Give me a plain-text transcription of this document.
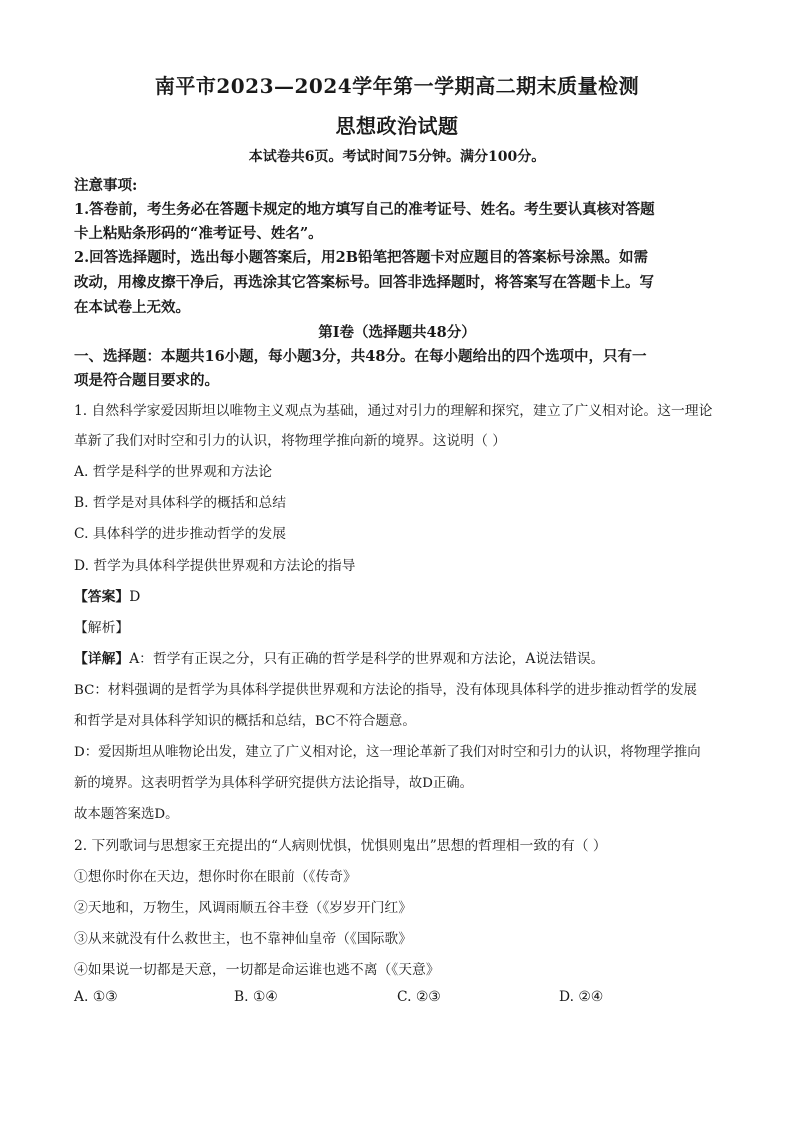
南平市2023—2024学年第一学期高二期末质量检测
思想政治试题
本试卷共6页。考试时间75分钟。满分100分。
注意事项:
1.答卷前，考生务必在答题卡规定的地方填写自己的准考证号、姓名。考生要认真核对答题
卡上粘贴条形码的“准考证号、姓名”。
2.回答选择题时，选出每小题答案后，用2B铅笔把答题卡对应题目的答案标号涂黑。如需
改动，用橡皮擦干净后，再选涂其它答案标号。回答非选择题时，将答案写在答题卡上。写
在本试卷上无效。
第Ⅰ卷（选择题共48分）
一、选择题：本题共16小题，每小题3分，共48分。在每小题给出的四个选项中，只有一
项是符合题目要求的。
1. 自然科学家爱因斯坦以唯物主义观点为基础，通过对引力的理解和探究，建立了广义相对论。这一理论
革新了我们对时空和引力的认识，将物理学推向新的境界。这说明（ ）
A. 哲学是科学的世界观和方法论
B. 哲学是对具体科学的概括和总结
C. 具体科学的进步推动哲学的发展
D. 哲学为具体科学提供世界观和方法论的指导
【答案】D
【解析】
【详解】A：哲学有正误之分，只有正确的哲学是科学的世界观和方法论，A说法错误。
BC：材料强调的是哲学为具体科学提供世界观和方法论的指导，没有体现具体科学的进步推动哲学的发展
和哲学是对具体科学知识的概括和总结，BC不符合题意。
D：爱因斯坦从唯物论出发，建立了广义相对论，这一理论革新了我们对时空和引力的认识，将物理学推向
新的境界。这表明哲学为具体科学研究提供方法论指导，故D正确。
故本题答案选D。
2. 下列歌词与思想家王充提出的“人病则忧惧，忧惧则鬼出”思想的哲理相一致的有（ ）
①想你时你在天边，想你时你在眼前（《传奇》
②天地和，万物生，风调雨顺五谷丰登（《岁岁开门红》
③从来就没有什么救世主，也不靠神仙皇帝（《国际歌》
④如果说一切都是天意，一切都是命运谁也逃不离（《天意》
A. ①③	B. ①④	C. ②③	D. ②④
